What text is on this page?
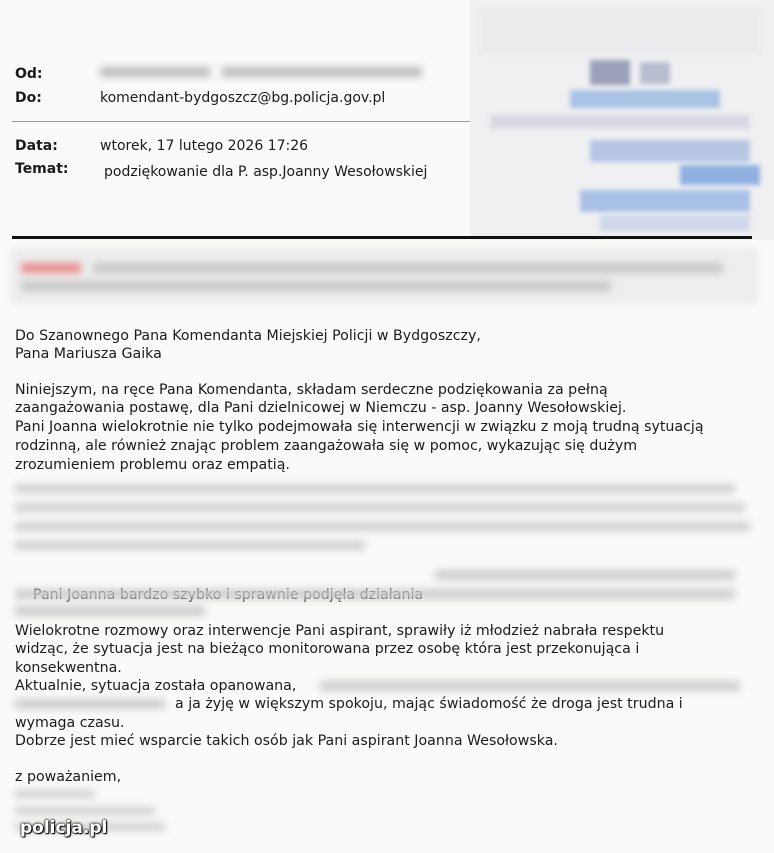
Od:
Do:	komendant-bydgoszcz@bg.policja.gov.pl
Data:	wtorek, 17 lutego 2026 17:26
Temat:	podziękowanie dla P. asp.Joanny Wesołowskiej
Do Szanownego Pana Komendanta Miejskiej Policji w Bydgoszczy,
Pana Mariusza Gaika
Niniejszym, na ręce Pana Komendanta, składam serdeczne podziękowania za pełną
zaangażowania postawę, dla Pani dzielnicowej w Niemczu - asp. Joanny Wesołowskiej.
Pani Joanna wielokrotnie nie tylko podejmowała się interwencji w związku z moją trudną sytuacją
rodzinną, ale również znając problem zaangażowała się w pomoc, wykazując się dużym
zrozumieniem problemu oraz empatią.

Wielokrotne rozmowy oraz interwencje Pani aspirant, sprawiły iż młodzież nabrała respektu
widząc, że sytuacja jest na bieżąco monitorowana przez osobę która jest przekonująca i
konsekwentna.
Aktualnie, sytuacja została opanowana,
a ja żyję w większym spokoju, mając świadomość że droga jest trudna i
wymaga czasu.
Dobrze jest mieć wsparcie takich osób jak Pani aspirant Joanna Wesołowska.
z poważaniem,
policja.pl
